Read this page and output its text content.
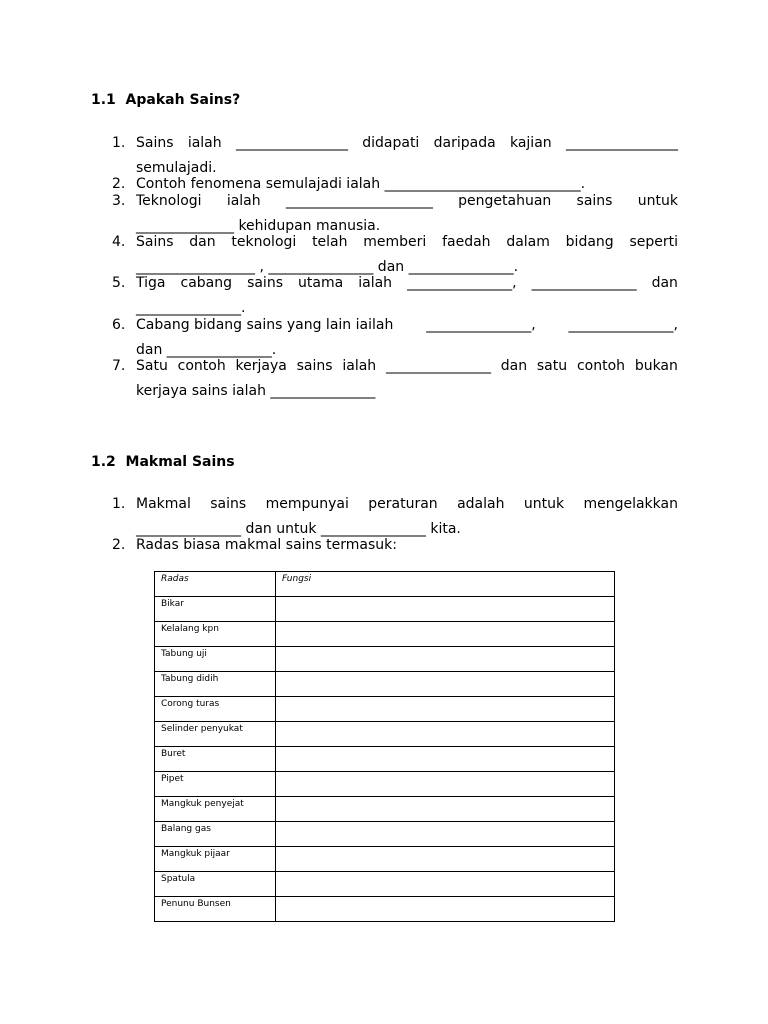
1.1  Apakah Sains?
1. Sains ialah ________________ didapati daripada kajian ________________
semulajadi.
2. Contoh fenomena semulajadi ialah ____________________________.
3. Teknologi ialah _____________________ pengetahuan sains untuk
______________ kehidupan manusia.
4. Sains dan teknologi telah memberi faedah dalam bidang seperti
_________________ , _______________ dan _______________.
5. Tiga cabang sains utama ialah _______________, _______________ dan
_______________.
6. Cabang bidang sains yang lain iailah _______________, _______________,
dan _______________.
7. Satu contoh kerjaya sains ialah _______________ dan satu contoh bukan
kerjaya sains ialah _______________
1.2  Makmal Sains
1. Makmal sains mempunyai peraturan adalah untuk mengelakkan
_______________ dan untuk _______________ kita.
2. Radas biasa makmal sains termasuk:
Radas	Fungsi
Bikar	
Kelalang kpn	
Tabung uji	
Tabung didih	
Corong turas	
Selinder penyukat	
Buret	
Pipet	
Mangkuk penyejat	
Balang gas	
Mangkuk pijaar	
Spatula	
Penunu Bunsen	
